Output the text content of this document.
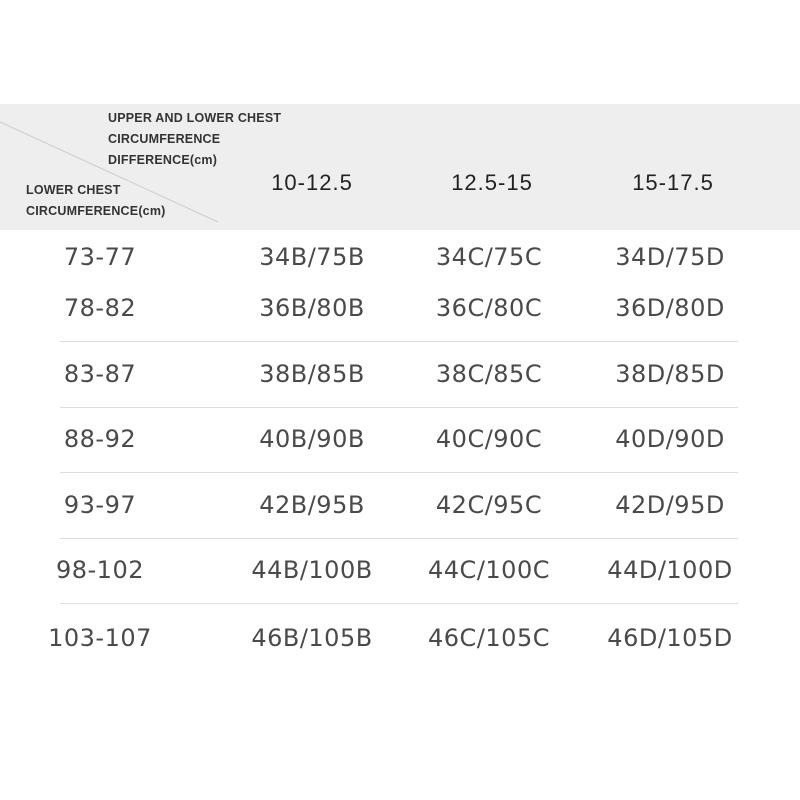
UPPER AND LOWER CHEST
CIRCUMFERENCE
DIFFERENCE(cm)
LOWER CHEST
CIRCUMFERENCE(cm)
10-12.5	12.5-15	15-17.5
73-77	34B/75B	34C/75C	34D/75D
78-82	36B/80B	36C/80C	36D/80D
83-87	38B/85B	38C/85C	38D/85D
88-92	40B/90B	40C/90C	40D/90D
93-97	42B/95B	42C/95C	42D/95D
98-102	44B/100B	44C/100C	44D/100D
103-107	46B/105B	46C/105C	46D/105D
